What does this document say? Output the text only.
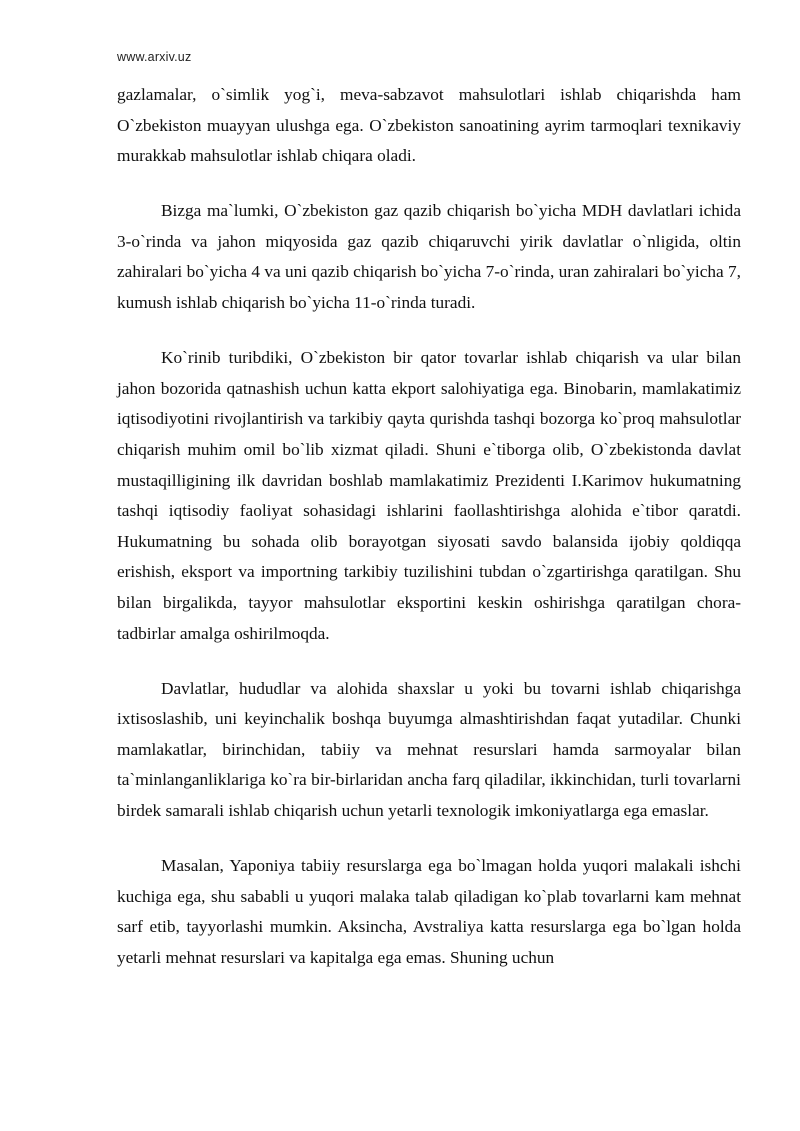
www.arxiv.uz

gazlamalar, o`simlik yog`i, meva-sabzavot mahsulotlari ishlab chiqarishda ham O`zbekiston muayyan ulushga ega. O`zbekiston sanoatining ayrim tarmoqlari texnikaviy murakkab mahsulotlar ishlab chiqara oladi.

Bizga ma`lumki, O`zbekiston gaz qazib chiqarish bo`yicha MDH davlatlari ichida 3-o`rinda va jahon miqyosida gaz qazib chiqaruvchi yirik davlatlar o`nligida, oltin zahiralari bo`yicha 4 va uni qazib chiqarish bo`yicha 7-o`rinda, uran zahiralari bo`yicha 7, kumush ishlab chiqarish bo`yicha 11-o`rinda turadi.

Ko`rinib turibdiki, O`zbekiston bir qator tovarlar ishlab chiqarish va ular bilan jahon bozorida qatnashish uchun katta ekport salohiyatiga ega. Binobarin, mamlakatimiz iqtisodiyotini rivojlantirish va tarkibiy qayta qurishda tashqi bozorga ko`proq mahsulotlar chiqarish muhim omil bo`lib xizmat qiladi. Shuni e`tiborga olib, O`zbekistonda davlat mustaqilligining ilk davridan boshlab mamlakatimiz Prezidenti I.Karimov hukumatning tashqi iqtisodiy faoliyat sohasidagi ishlarini faollashtirishga alohida e`tibor qaratdi. Hukumatning bu sohada olib borayotgan siyosati savdo balansida ijobiy qoldiqqa erishish, eksport va importning tarkibiy tuzilishini tubdan o`zgartirishga qaratilgan. Shu bilan birgalikda, tayyor mahsulotlar eksportini keskin oshirishga qaratilgan chora-tadbirlar amalga oshirilmoqda.

Davlatlar, hududlar va alohida shaxslar u yoki bu tovarni ishlab chiqarishga ixtisoslashib, uni keyinchalik boshqa buyumga almashtirishdan faqat yutadilar. Chunki mamlakatlar, birinchidan, tabiiy va mehnat resurslari hamda sarmoyalar bilan ta`minlanganliklariga ko`ra bir-birlaridan ancha farq qiladilar, ikkinchidan, turli tovarlarni birdek samarali ishlab chiqarish uchun yetarli texnologik imkoniyatlarga ega emaslar.

Masalan, Yaponiya tabiiy resurslarga ega bo`lmagan holda yuqori malakali ishchi kuchiga ega, shu sababli u yuqori malaka talab qiladigan ko`plab tovarlarni kam mehnat sarf etib, tayyorlashi mumkin. Aksincha, Avstraliya katta resurslarga ega bo`lgan holda yetarli mehnat resurslari va kapitalga ega emas. Shuning uchun
